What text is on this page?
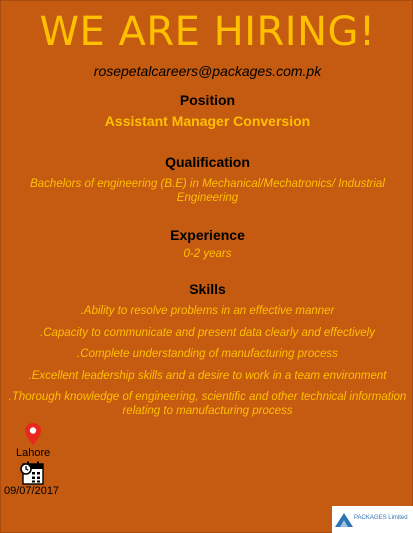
WE ARE HIRING!
rosepetalcareers@packages.com.pk
Position
Assistant Manager Conversion
Qualification
Bachelors of engineering (B.E) in Mechanical/Mechatronics/ Industrial Engineering
Experience
0-2 years
Skills
.Ability to resolve problems in an effective manner
.Capacity to communicate and present data clearly and effectively
.Complete understanding of manufacturing process
.Excellent leadership skills and a desire to work in a team environment
.Thorough knowledge of engineering, scientific and other technical information relating to manufacturing process
Lahore
09/07/2017
PACKAGES Limited
